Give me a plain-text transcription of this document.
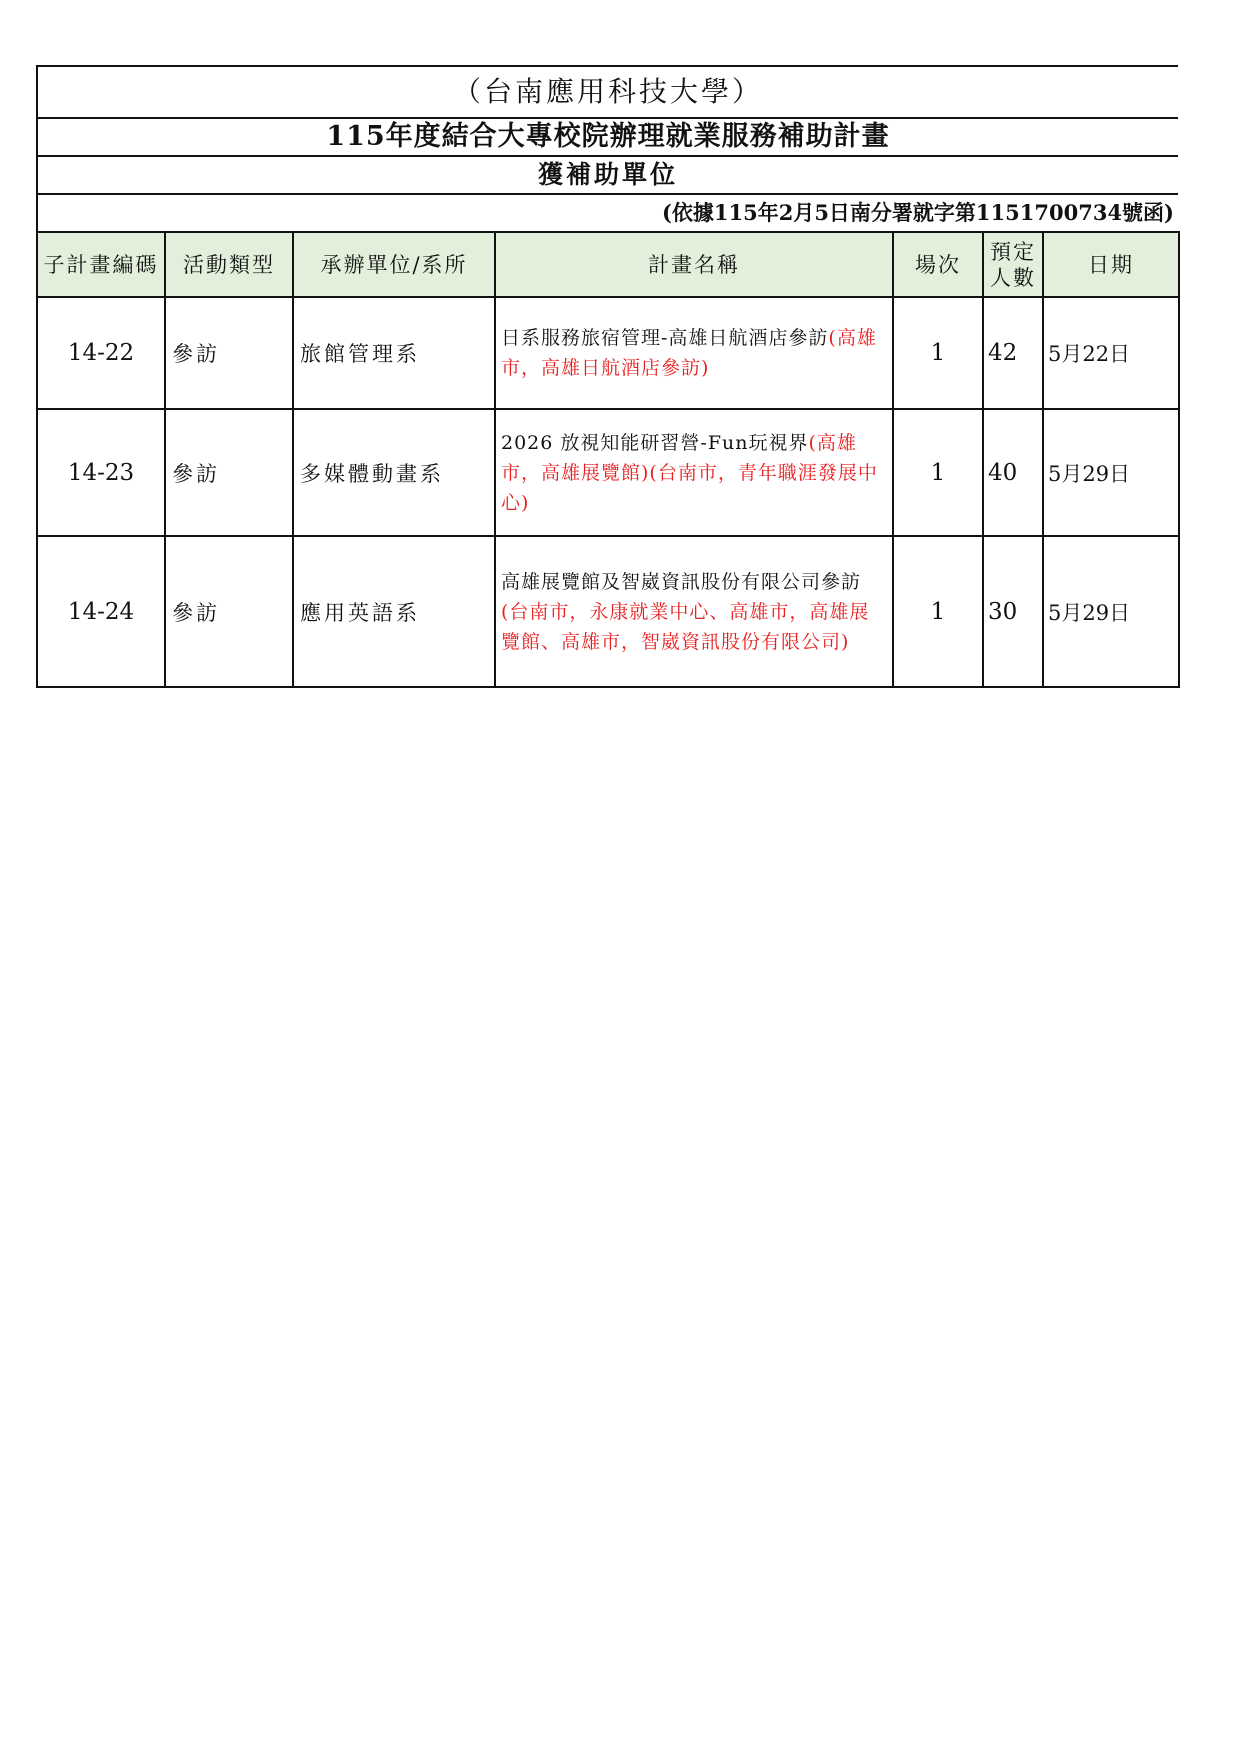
（台南應用科技大學）
115年度結合大專校院辦理就業服務補助計畫
獲補助單位
(依據115年2月5日南分署就字第1151700734號函)
子計畫編碼	活動類型	承辦單位/系所	計畫名稱	場次	預定人數	日期
14-22	參訪	旅館管理系	日系服務旅宿管理-高雄日航酒店參訪(高雄市，高雄日航酒店參訪)	1	42	5月22日
14-23	參訪	多媒體動畫系	2026 放視知能研習營-Fun玩視界(高雄市，高雄展覽館)(台南市，青年職涯發展中心)	1	40	5月29日
14-24	參訪	應用英語系	高雄展覽館及智崴資訊股份有限公司參訪(台南市，永康就業中心、高雄市，高雄展覽館、高雄市，智崴資訊股份有限公司)	1	30	5月29日
